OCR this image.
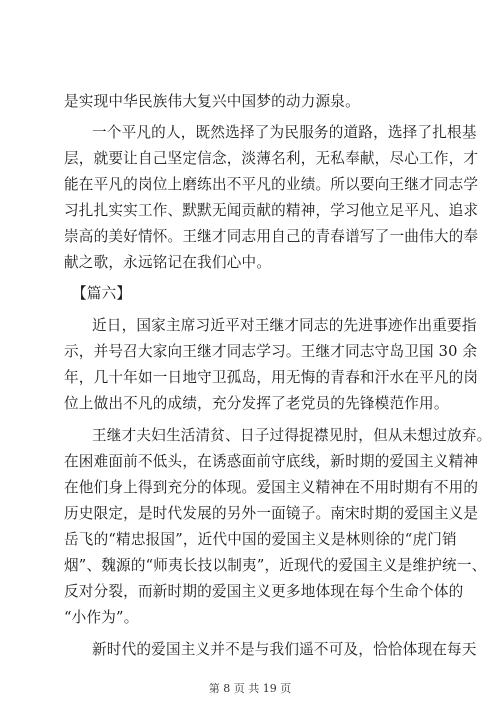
是实现中华民族伟大复兴中国梦的动力源泉。
一个平凡的人，既然选择了为民服务的道路，选择了扎根基
层，就要让自己坚定信念，淡薄名利，无私奉献，尽心工作，才
能在平凡的岗位上磨练出不平凡的业绩。所以要向王继才同志学
习扎扎实实工作、默默无闻贡献的精神，学习他立足平凡、追求
崇高的美好情怀。王继才同志用自己的青春谱写了一曲伟大的奉
献之歌，永远铭记在我们心中。
【篇六】
近日，国家主席习近平对王继才同志的先进事迹作出重要指
示，并号召大家向王继才同志学习。王继才同志守岛卫国 30 余
年，几十年如一日地守卫孤岛，用无悔的青春和汗水在平凡的岗
位上做出不凡的成绩，充分发挥了老党员的先锋模范作用。
王继才夫妇生活清贫、日子过得捉襟见肘，但从未想过放弃。
在困难面前不低头，在诱惑面前守底线，新时期的爱国主义精神
在他们身上得到充分的体现。爱国主义精神在不用时期有不用的
历史限定，是时代发展的另外一面镜子。南宋时期的爱国主义是
岳飞的“精忠报国”，近代中国的爱国主义是林则徐的“虎门销
烟”、魏源的“师夷长技以制夷”，近现代的爱国主义是维护统一、
反对分裂，而新时期的爱国主义更多地体现在每个生命个体的
“小作为”。
新时代的爱国主义并不是与我们遥不可及，恰恰体现在每天
第 8 页 共 19 页
